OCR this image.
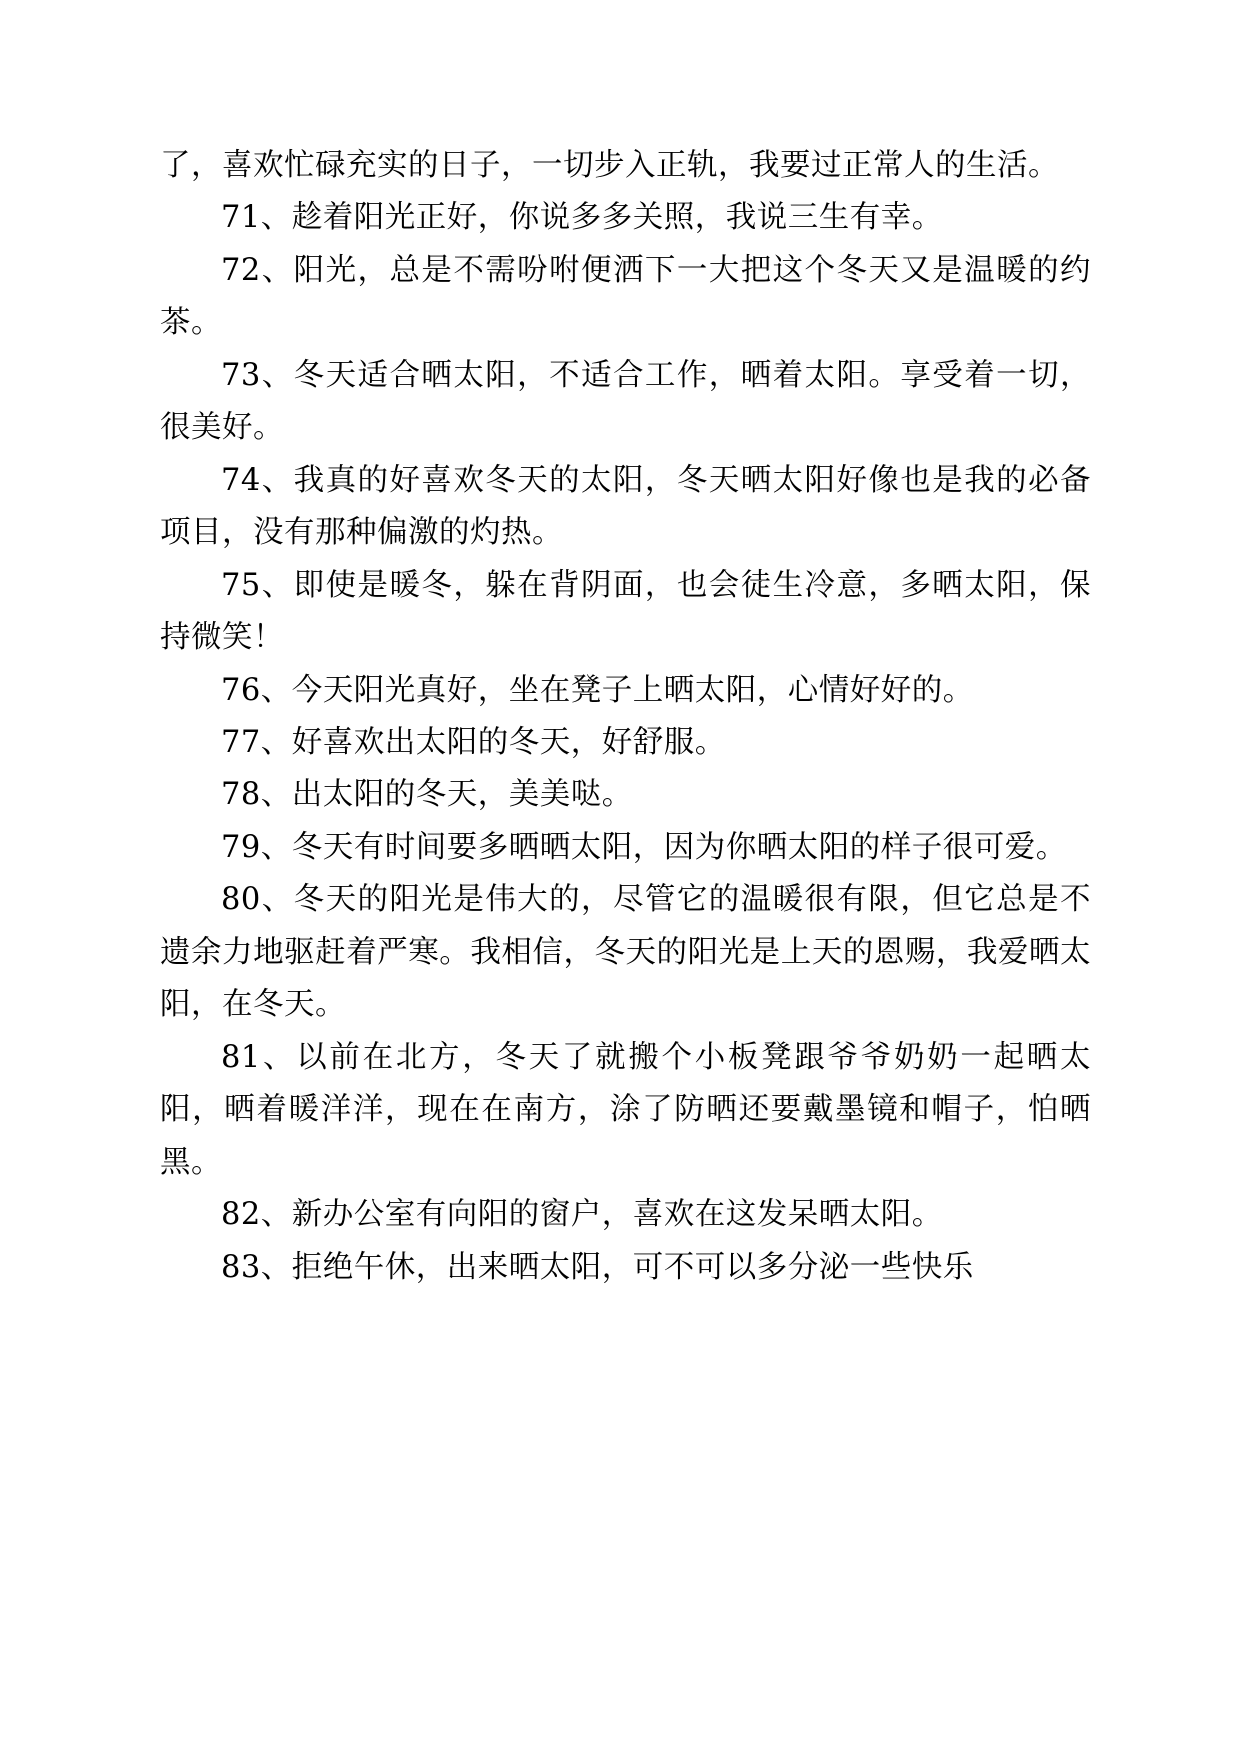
了，喜欢忙碌充实的日子，一切步入正轨，我要过正常人的生活。

71、趁着阳光正好，你说多多关照，我说三生有幸。

72、阳光，总是不需吩咐便洒下一大把这个冬天又是温暖的约茶。

73、冬天适合晒太阳，不适合工作，晒着太阳。享受着一切，很美好。

74、我真的好喜欢冬天的太阳，冬天晒太阳好像也是我的必备项目，没有那种偏激的灼热。

75、即使是暖冬，躲在背阴面，也会徒生冷意，多晒太阳，保持微笑！

76、今天阳光真好，坐在凳子上晒太阳，心情好好的。

77、好喜欢出太阳的冬天，好舒服。

78、出太阳的冬天，美美哒。

79、冬天有时间要多晒晒太阳，因为你晒太阳的样子很可爱。

80、冬天的阳光是伟大的，尽管它的温暖很有限，但它总是不遗余力地驱赶着严寒。我相信，冬天的阳光是上天的恩赐，我爱晒太阳，在冬天。

81、以前在北方，冬天了就搬个小板凳跟爷爷奶奶一起晒太阳，晒着暖洋洋，现在在南方，涂了防晒还要戴墨镜和帽子，怕晒黑。

82、新办公室有向阳的窗户，喜欢在这发呆晒太阳。

83、拒绝午休，出来晒太阳，可不可以多分泌一些快乐
